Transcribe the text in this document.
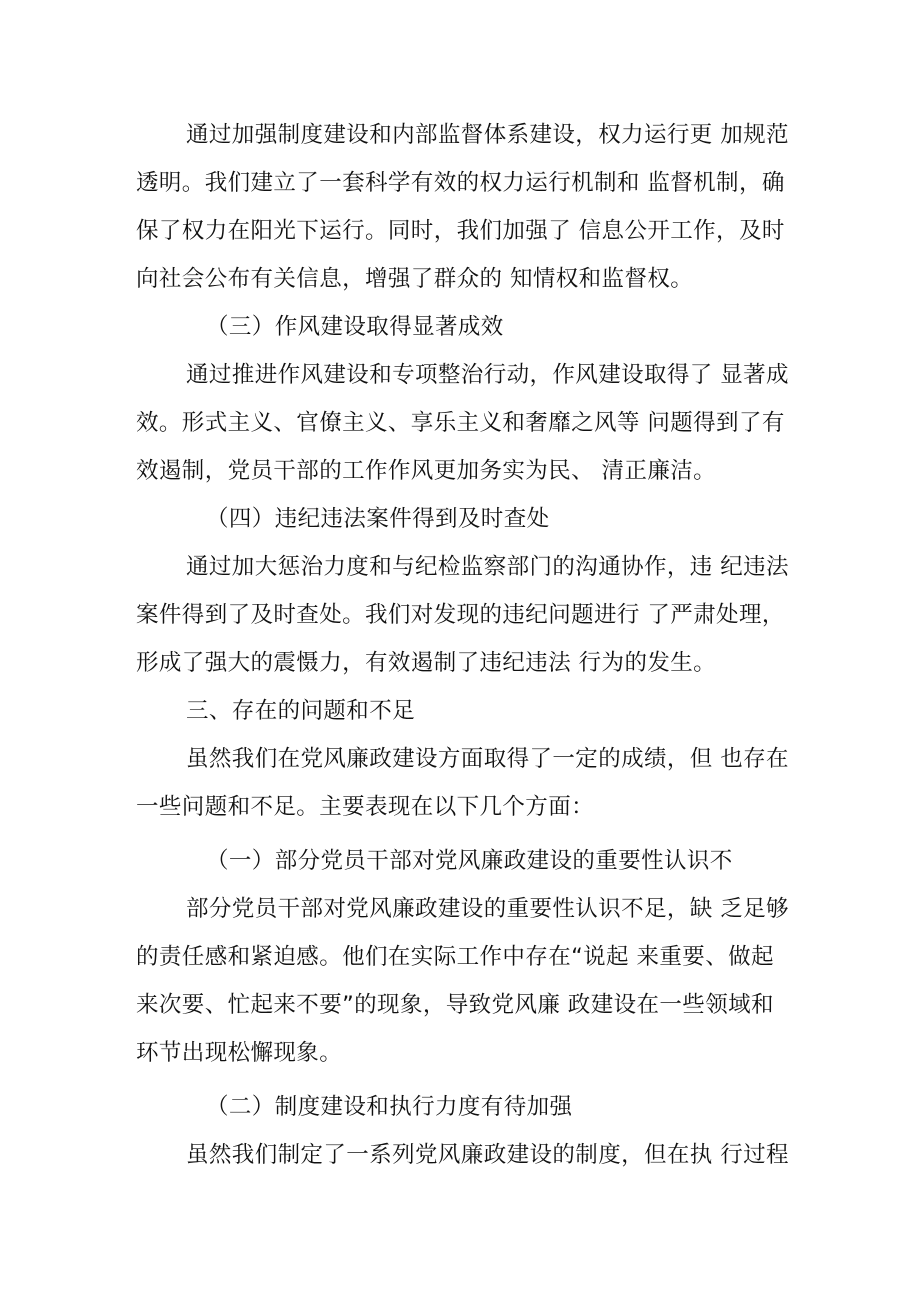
通过加强制度建设和内部监督体系建设，权力运行更 加规范
透明。我们建立了一套科学有效的权力运行机制和 监督机制，确
保了权力在阳光下运行。同时，我们加强了 信息公开工作，及时
向社会公布有关信息，增强了群众的 知情权和监督权。
（三）作风建设取得显著成效
通过推进作风建设和专项整治行动，作风建设取得了 显著成
效。形式主义、官僚主义、享乐主义和奢靡之风等 问题得到了有
效遏制，党员干部的工作作风更加务实为民、 清正廉洁。
（四）违纪违法案件得到及时查处
通过加大惩治力度和与纪检监察部门的沟通协作，违 纪违法
案件得到了及时查处。我们对发现的违纪问题进行 了严肃处理，
形成了强大的震慑力，有效遏制了违纪违法 行为的发生。
三、存在的问题和不足
虽然我们在党风廉政建设方面取得了一定的成绩，但 也存在
一些问题和不足。主要表现在以下几个方面：
（一）部分党员干部对党风廉政建设的重要性认识不
部分党员干部对党风廉政建设的重要性认识不足，缺 乏足够
的责任感和紧迫感。他们在实际工作中存在“说起 来重要、做起
来次要、忙起来不要”的现象，导致党风廉 政建设在一些领域和
环节出现松懈现象。
（二）制度建设和执行力度有待加强
虽然我们制定了一系列党风廉政建设的制度，但在执 行过程
